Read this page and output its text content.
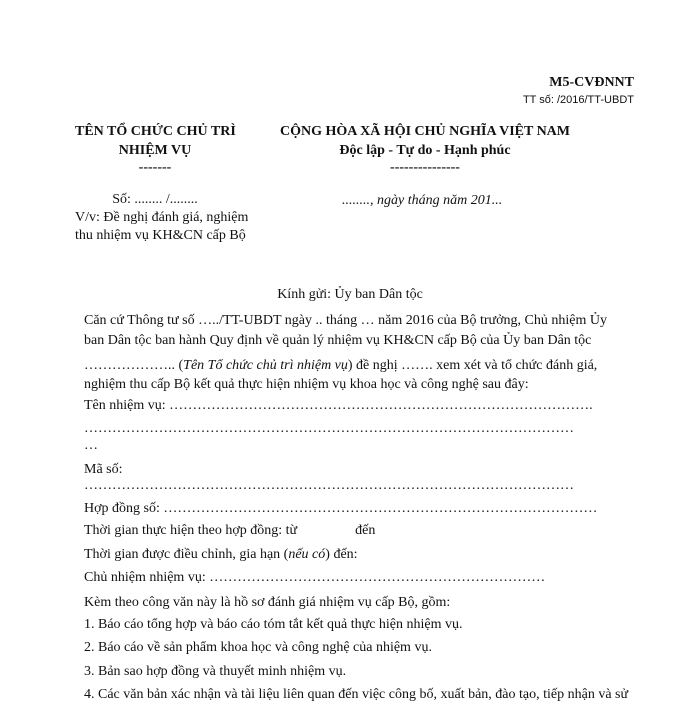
M5-CVĐNNT
TT số: /2016/TT-UBDT
TÊN TỔ CHỨC CHỦ TRÌ
NHIỆM VỤ
-------
CỘNG HÒA XÃ HỘI CHỦ NGHĨA VIỆT NAM
Độc lập - Tự do - Hạnh phúc
---------------
Số: ........ /........
V/v: Đề nghị đánh giá, nghiệm
thu nhiệm vụ KH&CN cấp Bộ
........, ngày tháng năm 201...
Kính gửi: Ủy ban Dân tộc
Căn cứ Thông tư số …../TT-UBDT ngày .. tháng … năm 2016 của Bộ trưởng, Chủ nhiệm Ủy
ban Dân tộc ban hành Quy định về quản lý nhiệm vụ KH&CN cấp Bộ của Ủy ban Dân tộc
……………….. (Tên Tổ chức chủ trì nhiệm vụ) đề nghị ……. xem xét và tổ chức đánh giá,
nghiệm thu cấp Bộ kết quả thực hiện nhiệm vụ khoa học và công nghệ sau đây:
Tên nhiệm vụ: ……………………………………………………………………………….
……………………………………………………………………………………………
…
Mã số:
……………………………………………………………………………………………
Hợp đồng số: …………………………………………………………………………………
Thời gian thực hiện theo hợp đồng: từ	đến
Thời gian được điều chỉnh, gia hạn (nếu có) đến:
Chủ nhiệm nhiệm vụ: ………………………………………………………………
Kèm theo công văn này là hồ sơ đánh giá nhiệm vụ cấp Bộ, gồm:
1. Báo cáo tổng hợp và báo cáo tóm tắt kết quả thực hiện nhiệm vụ.
2. Báo cáo về sản phẩm khoa học và công nghệ của nhiệm vụ.
3. Bản sao hợp đồng và thuyết minh nhiệm vụ.
4. Các văn bản xác nhận và tài liệu liên quan đến việc công bố, xuất bản, đào tạo, tiếp nhận và sử
